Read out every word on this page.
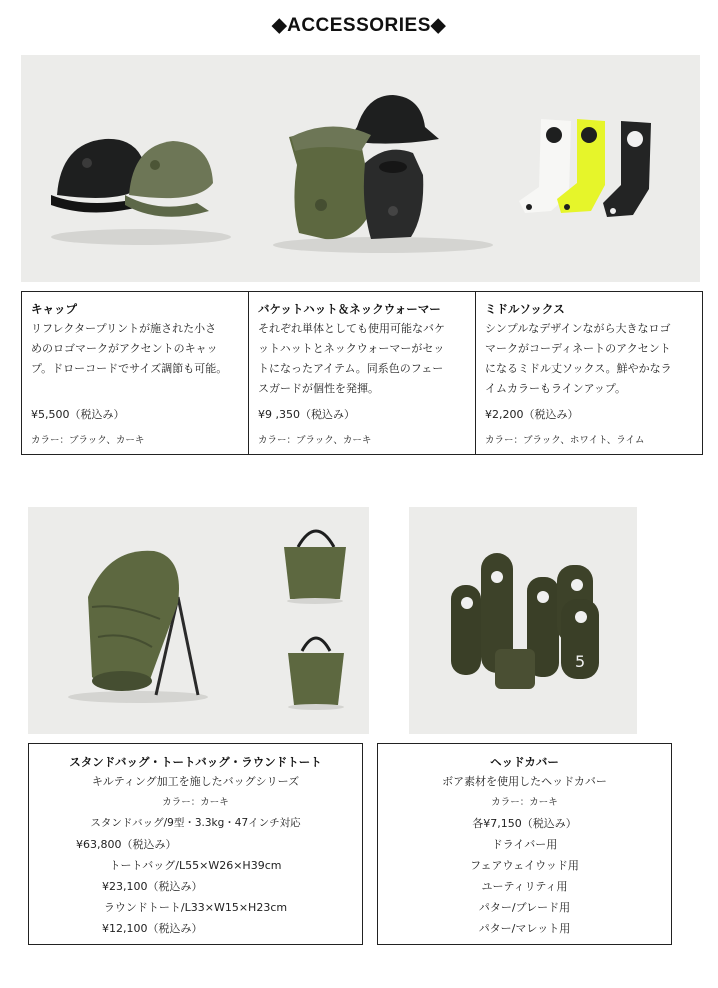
◆ACCESSORIES◆
キャップ
リフレクタープリントが施された小さ
めのロゴマークがアクセントのキャッ
プ。ドローコードでサイズ調節も可能。
¥5,500（税込み）
カラー：ブラック、カーキ
バケットハット＆ネックウォーマー
それぞれ単体としても使用可能なバケ
ットハットとネックウォーマーがセッ
トになったアイテム。同系色のフェー
スガードが個性を発揮。
¥9 ,350（税込み）
カラー：ブラック、カーキ
ミドルソックス
シンプルなデザインながら大きなロゴ
マークがコーディネートのアクセント
になるミドル丈ソックス。鮮やかなラ
イムカラーもラインアップ。
¥2,200（税込み）
カラー：ブラック、ホワイト、ライム
5
スタンドバッグ・トートバッグ・ラウンドトート
キルティング加工を施したバッグシリーズ
カラー：カーキ
スタンドバッグ/9型・3.3kg・47インチ対応
¥63,800（税込み）
トートバッグ/L55×W26×H39cm
¥23,100（税込み）
ラウンドトート/L33×W15×H23cm
¥12,100（税込み）
ヘッドカバー
ボア素材を使用したヘッドカバー
カラー：カーキ
各¥7,150（税込み）
ドライバー用
フェアウェイウッド用
ユーティリティ用
パター/ブレード用
パター/マレット用
